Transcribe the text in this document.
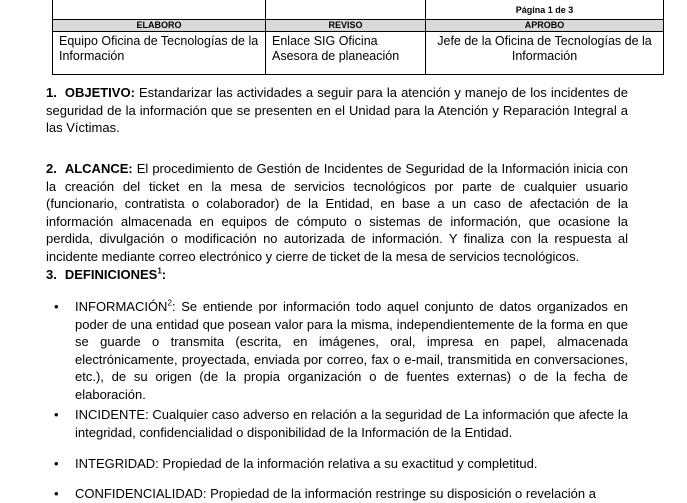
		Página 1 de 3
ELABORO	REVISO	APROBO
Equipo Oficina de Tecnologías de la Información	Enlace SIG Oficina Asesora de planeación	Jefe de la Oficina de Tecnologías de la Información
1. OBJETIVO: Estandarizar las actividades a seguir para la atención y manejo de los incidentes de seguridad de la información que se presenten en el Unidad para la Atención y Reparación Integral a las Víctimas.
2. ALCANCE: El procedimiento de Gestión de Incidentes de Seguridad de la Información inicia con la creación del ticket en la mesa de servicios tecnológicos por parte de cualquier usuario (funcionario, contratista o colaborador) de la Entidad, en base a un caso de afectación de la información almacenada en equipos de cómputo o sistemas de información, que ocasione la perdida, divulgación o modificación no autorizada de información. Y finaliza con la respuesta al incidente mediante correo electrónico y cierre de ticket de la mesa de servicios tecnológicos.
3. DEFINICIONES$^1$:
• INFORMACIÓN$^2$: Se entiende por información todo aquel conjunto de datos organizados en poder de una entidad que posean valor para la misma, independientemente de la forma en que se guarde o transmita (escrita, en imágenes, oral, impresa en papel, almacenada electrónicamente, proyectada, enviada por correo, fax o e-mail, transmitida en conversaciones, etc.), de su origen (de la propia organización o de fuentes externas) o de la fecha de elaboración.
• INCIDENTE: Cualquier caso adverso en relación a la seguridad de La información que afecte la integridad, confidencialidad o disponibilidad de la Información de la Entidad.
• INTEGRIDAD: Propiedad de la información relativa a su exactitud y completitud.
• CONFIDENCIALIDAD: Propiedad de la información restringe su disposición o revelación a
